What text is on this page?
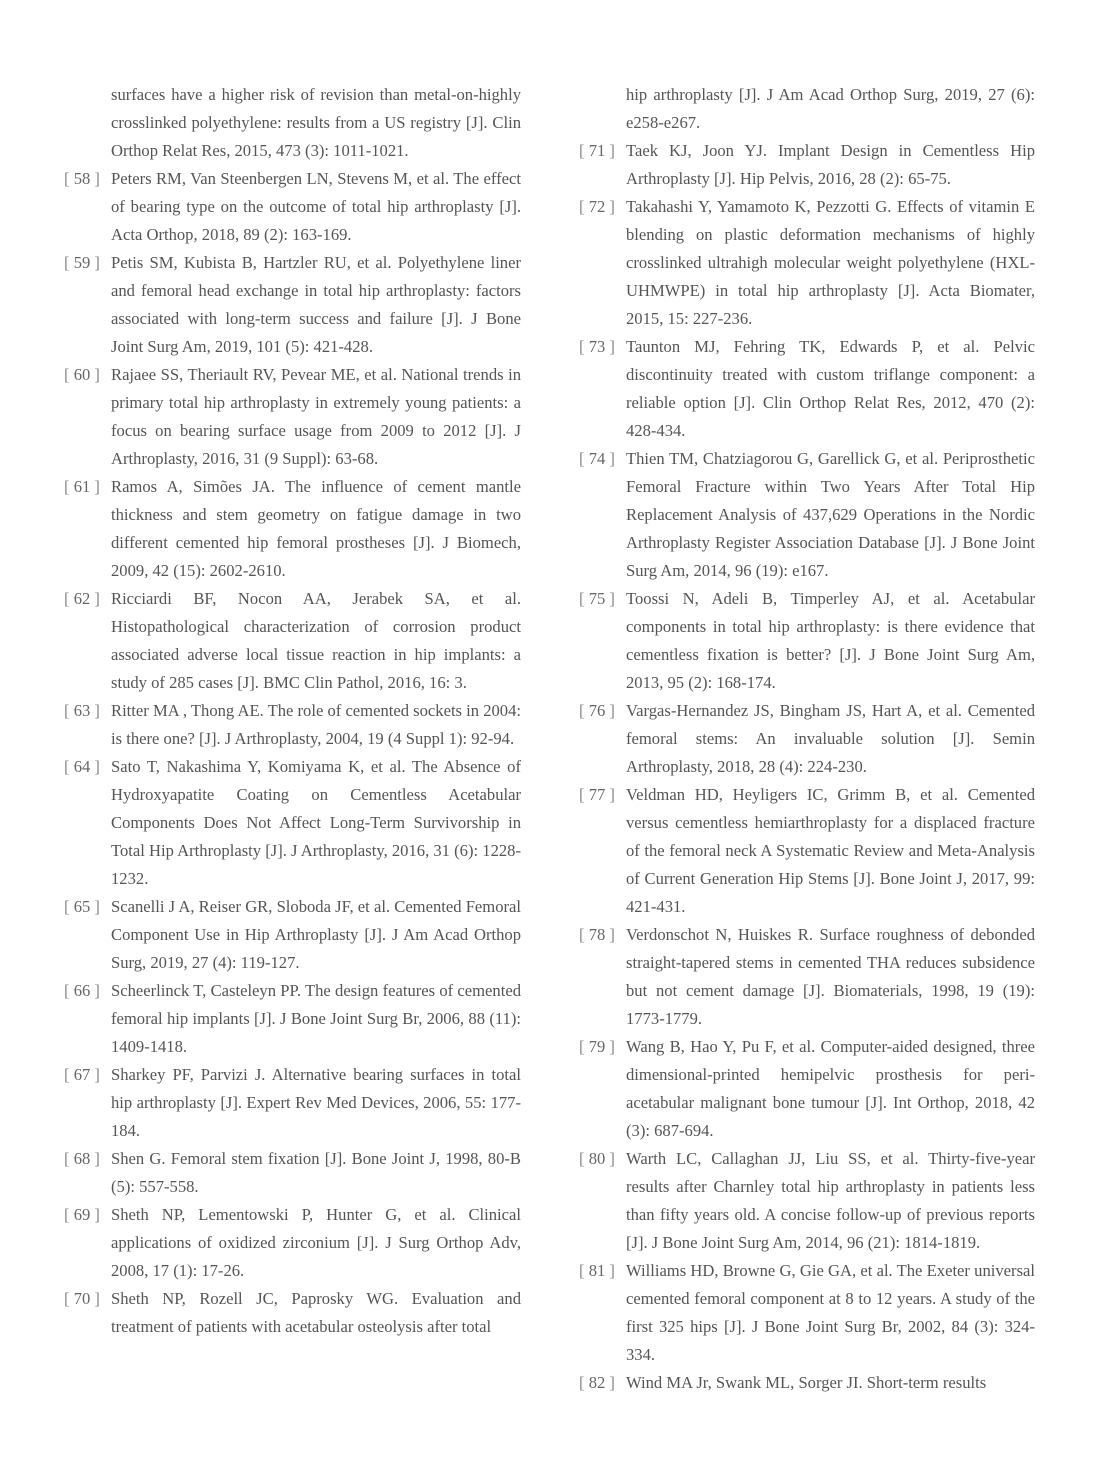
surfaces have a higher risk of revision than metal-on-highly crosslinked polyethylene: results from a US registry [J]. Clin Orthop Relat Res, 2015, 473 (3): 1011-1021.
[ 58 ] Peters RM, Van Steenbergen LN, Stevens M, et al. The effect of bearing type on the outcome of total hip arthroplasty [J]. Acta Orthop, 2018, 89 (2): 163-169.
[ 59 ] Petis SM, Kubista B, Hartzler RU, et al. Polyethylene liner and femoral head exchange in total hip arthroplasty: factors associated with long-term success and failure [J]. J Bone Joint Surg Am, 2019, 101 (5): 421-428.
[ 60 ] Rajaee SS, Theriault RV, Pevear ME, et al. National trends in primary total hip arthroplasty in extremely young patients: a focus on bearing surface usage from 2009 to 2012 [J]. J Arthroplasty, 2016, 31 (9 Suppl): 63-68.
[ 61 ] Ramos A, Simões JA. The influence of cement mantle thickness and stem geometry on fatigue damage in two different cemented hip femoral prostheses [J]. J Biomech, 2009, 42 (15): 2602-2610.
[ 62 ] Ricciardi BF, Nocon AA, Jerabek SA, et al. Histopathological characterization of corrosion product associated adverse local tissue reaction in hip implants: a study of 285 cases [J]. BMC Clin Pathol, 2016, 16: 3.
[ 63 ] Ritter MA , Thong AE. The role of cemented sockets in 2004: is there one? [J]. J Arthroplasty, 2004, 19 (4 Suppl 1): 92-94.
[ 64 ] Sato T, Nakashima Y, Komiyama K, et al. The Absence of Hydroxyapatite Coating on Cementless Acetabular Components Does Not Affect Long-Term Survivorship in Total Hip Arthroplasty [J]. J Arthroplasty, 2016, 31 (6): 1228-1232.
[ 65 ] Scanelli J A, Reiser GR, Sloboda JF, et al. Cemented Femoral Component Use in Hip Arthroplasty [J]. J Am Acad Orthop Surg, 2019, 27 (4): 119-127.
[ 66 ] Scheerlinck T, Casteleyn PP. The design features of cemented femoral hip implants [J]. J Bone Joint Surg Br, 2006, 88 (11): 1409-1418.
[ 67 ] Sharkey PF, Parvizi J. Alternative bearing surfaces in total hip arthroplasty [J]. Expert Rev Med Devices, 2006, 55: 177-184.
[ 68 ] Shen G. Femoral stem fixation [J]. Bone Joint J, 1998, 80-B (5): 557-558.
[ 69 ] Sheth NP, Lementowski P, Hunter G, et al. Clinical applications of oxidized zirconium [J]. J Surg Orthop Adv, 2008, 17 (1): 17-26.
[ 70 ] Sheth NP, Rozell JC, Paprosky WG. Evaluation and treatment of patients with acetabular osteolysis after total
hip arthroplasty [J]. J Am Acad Orthop Surg, 2019, 27 (6): e258-e267.
[ 71 ] Taek KJ, Joon YJ. Implant Design in Cementless Hip Arthroplasty [J]. Hip Pelvis, 2016, 28 (2): 65-75.
[ 72 ] Takahashi Y, Yamamoto K, Pezzotti G. Effects of vitamin E blending on plastic deformation mechanisms of highly crosslinked ultrahigh molecular weight polyethylene (HXL-UHMWPE) in total hip arthroplasty [J]. Acta Biomater, 2015, 15: 227-236.
[ 73 ] Taunton MJ, Fehring TK, Edwards P, et al. Pelvic discontinuity treated with custom triflange component: a reliable option [J]. Clin Orthop Relat Res, 2012, 470 (2): 428-434.
[ 74 ] Thien TM, Chatziagorou G, Garellick G, et al. Periprosthetic Femoral Fracture within Two Years After Total Hip Replacement Analysis of 437,629 Operations in the Nordic Arthroplasty Register Association Database [J]. J Bone Joint Surg Am, 2014, 96 (19): e167.
[ 75 ] Toossi N, Adeli B, Timperley AJ, et al. Acetabular components in total hip arthroplasty: is there evidence that cementless fixation is better? [J]. J Bone Joint Surg Am, 2013, 95 (2): 168-174.
[ 76 ] Vargas-Hernandez JS, Bingham JS, Hart A, et al. Cemented femoral stems: An invaluable solution [J]. Semin Arthroplasty, 2018, 28 (4): 224-230.
[ 77 ] Veldman HD, Heyligers IC, Grimm B, et al. Cemented versus cementless hemiarthroplasty for a displaced fracture of the femoral neck A Systematic Review and Meta-Analysis of Current Generation Hip Stems [J]. Bone Joint J, 2017, 99: 421-431.
[ 78 ] Verdonschot N, Huiskes R. Surface roughness of debonded straight-tapered stems in cemented THA reduces subsidence but not cement damage [J]. Biomaterials, 1998, 19 (19): 1773-1779.
[ 79 ] Wang B, Hao Y, Pu F, et al. Computer-aided designed, three dimensional-printed hemipelvic prosthesis for peri-acetabular malignant bone tumour [J]. Int Orthop, 2018, 42 (3): 687-694.
[ 80 ] Warth LC, Callaghan JJ, Liu SS, et al. Thirty-five-year results after Charnley total hip arthroplasty in patients less than fifty years old. A concise follow-up of previous reports [J]. J Bone Joint Surg Am, 2014, 96 (21): 1814-1819.
[ 81 ] Williams HD, Browne G, Gie GA, et al. The Exeter universal cemented femoral component at 8 to 12 years. A study of the first 325 hips [J]. J Bone Joint Surg Br, 2002, 84 (3): 324-334.
[ 82 ] Wind MA Jr, Swank ML, Sorger JI. Short-term results
